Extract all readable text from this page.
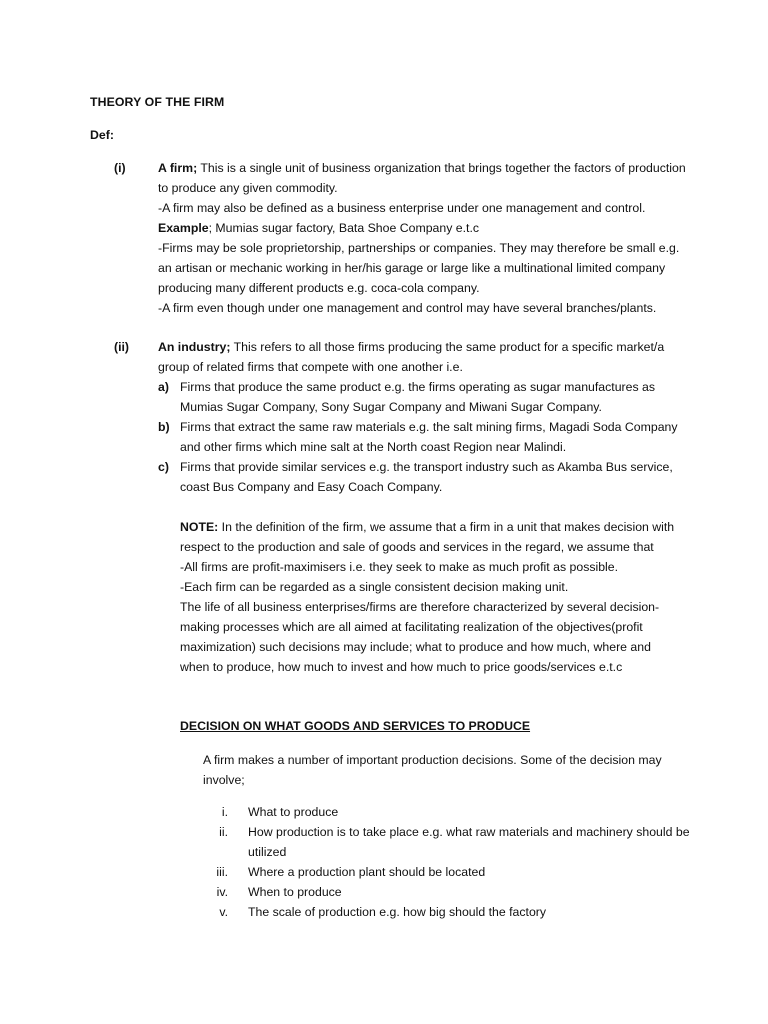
THEORY OF THE FIRM
Def:
(i)	A firm; This is a single unit of business organization that brings together the factors of production to produce any given commodity.

-A firm may also be defined as a business enterprise under one management and control.

Example; Mumias sugar factory, Bata Shoe Company e.t.c

-Firms may be sole proprietorship, partnerships or companies. They may therefore be small e.g. an artisan or mechanic working in her/his garage or large like a multinational limited company producing many different products e.g. coca-cola company.

-A firm even though under one management and control may have several branches/plants.

(ii) An industry; This refers to all those firms producing the same product for a specific market/a group of related firms that compete with one another i.e.

a) Firms that produce the same product e.g. the firms operating as sugar manufactures as Mumias Sugar Company, Sony Sugar Company and Miwani Sugar Company.
b) Firms that extract the same raw materials e.g. the salt mining firms, Magadi Soda Company and other firms which mine salt at the North coast Region near Malindi.
c) Firms that provide similar services e.g. the transport industry such as Akamba Bus service, coast Bus Company and Easy Coach Company.

NOTE: In the definition of the firm, we assume that a firm in a unit that makes decision with respect to the production and sale of goods and services in the regard, we assume that

-All firms are profit-maximisers i.e. they seek to make as much profit as possible.

-Each firm can be regarded as a single consistent decision making unit.

The life of all business enterprises/firms are therefore characterized by several decision-making processes which are all aimed at facilitating realization of the objectives(profit maximization) such decisions may include; what to produce and how much, where and when to produce, how much to invest and how much to price goods/services e.t.c

DECISION ON WHAT GOODS AND SERVICES TO PRODUCE

A firm makes a number of important production decisions. Some of the decision may involve;

i. What to produce
ii. How production is to take place e.g. what raw materials and machinery should be utilized
iii. Where a production plant should be located
iv. When to produce
v. The scale of production e.g. how big should the factory
